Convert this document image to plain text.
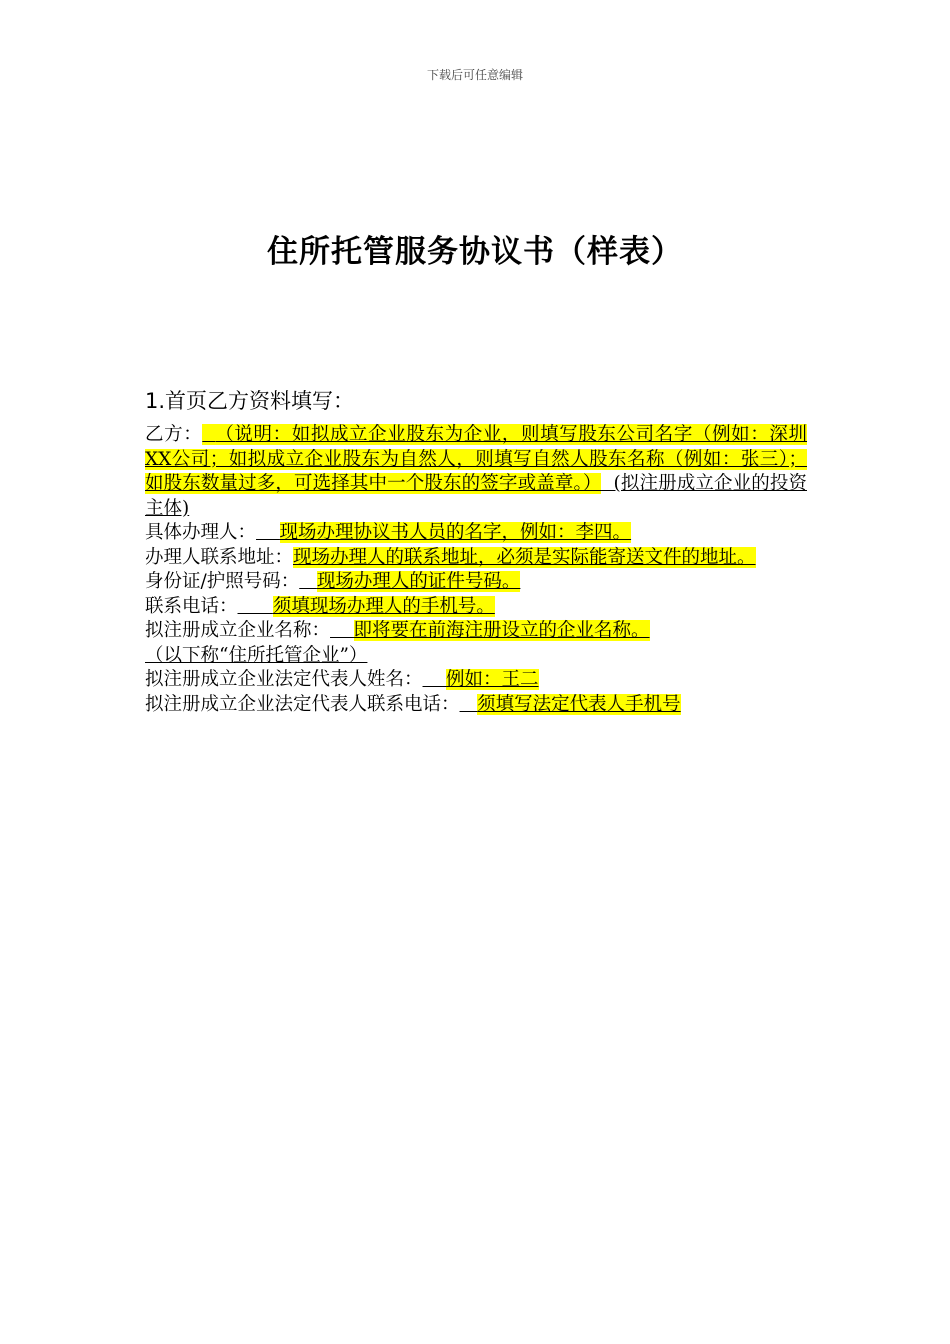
下载后可任意编辑
住所托管服务协议书（样表）
1.首页乙方资料填写：

乙方： （说明：如拟成立企业股东为企业，则填写股东公司名字（例如：深圳XX公司；如拟成立企业股东为自然人，则填写自然人股东名称（例如：张三）；如股东数量过多，可选择其中一个股东的签字或盖章。）  (拟注册成立企业的投资主体)

具体办理人： 现场办理协议书人员的名字，例如：李四。

办理人联系地址：现场办理人的联系地址，必须是实际能寄送文件的地址。

身份证/护照号码： 现场办理人的证件号码。

联系电话： 须填现场办理人的手机号。

拟注册成立企业名称： 即将要在前海注册设立的企业名称。

（以下称“住所托管企业”）

拟注册成立企业法定代表人姓名： 例如：王二

拟注册成立企业法定代表人联系电话： 须填写法定代表人手机号
